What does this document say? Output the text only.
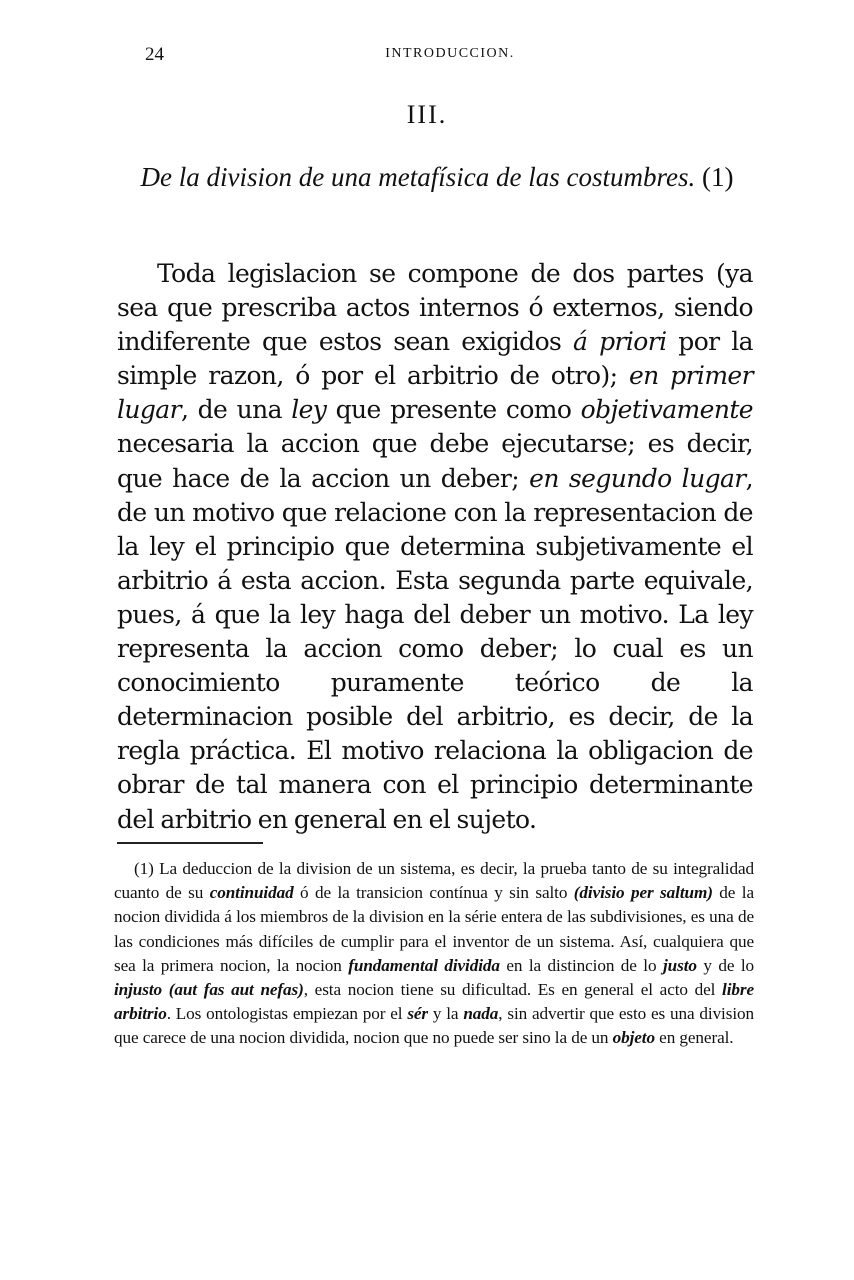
24	INTRODUCCION.
III.
De la division de una metafísica de las costumbres. (1)

Toda legislacion se compone de dos partes (ya sea que prescriba actos internos ó externos, siendo indiferente que estos sean exigidos á priori por la simple razon, ó por el arbitrio de otro); en primer lugar, de una ley que presente como objetivamente necesaria la accion que debe ejecutarse; es decir, que hace de la accion un deber; en segundo lugar, de un motivo que relacione con la representacion de la ley el principio que determina subjetivamente el arbitrio á esta accion. Esta segunda parte equivale, pues, á que la ley haga del deber un motivo. La ley representa la accion como deber; lo cual es un conocimiento puramente teórico de la determinacion posible del arbitrio, es decir, de la regla práctica. El motivo relaciona la obligacion de obrar de tal manera con el principio determinante del arbitrio en general en el sujeto.

(1) La deduccion de la division de un sistema, es decir, la prueba tanto de su integralidad cuanto de su continuidad ó de la transicion contínua y sin salto (divisio per saltum) de la nocion dividida á los miembros de la division en la série entera de las subdivisiones, es una de las condiciones más difíciles de cumplir para el inventor de un sistema. Así, cualquiera que sea la primera nocion, la nocion fundamental dividida en la distincion de lo justo y de lo injusto (aut fas aut nefas), esta nocion tiene su dificultad. Es en general el acto del libre arbitrio. Los ontologistas empiezan por el sér y la nada, sin advertir que esto es una division que carece de una nocion dividida, nocion que no puede ser sino la de un objeto en general.
